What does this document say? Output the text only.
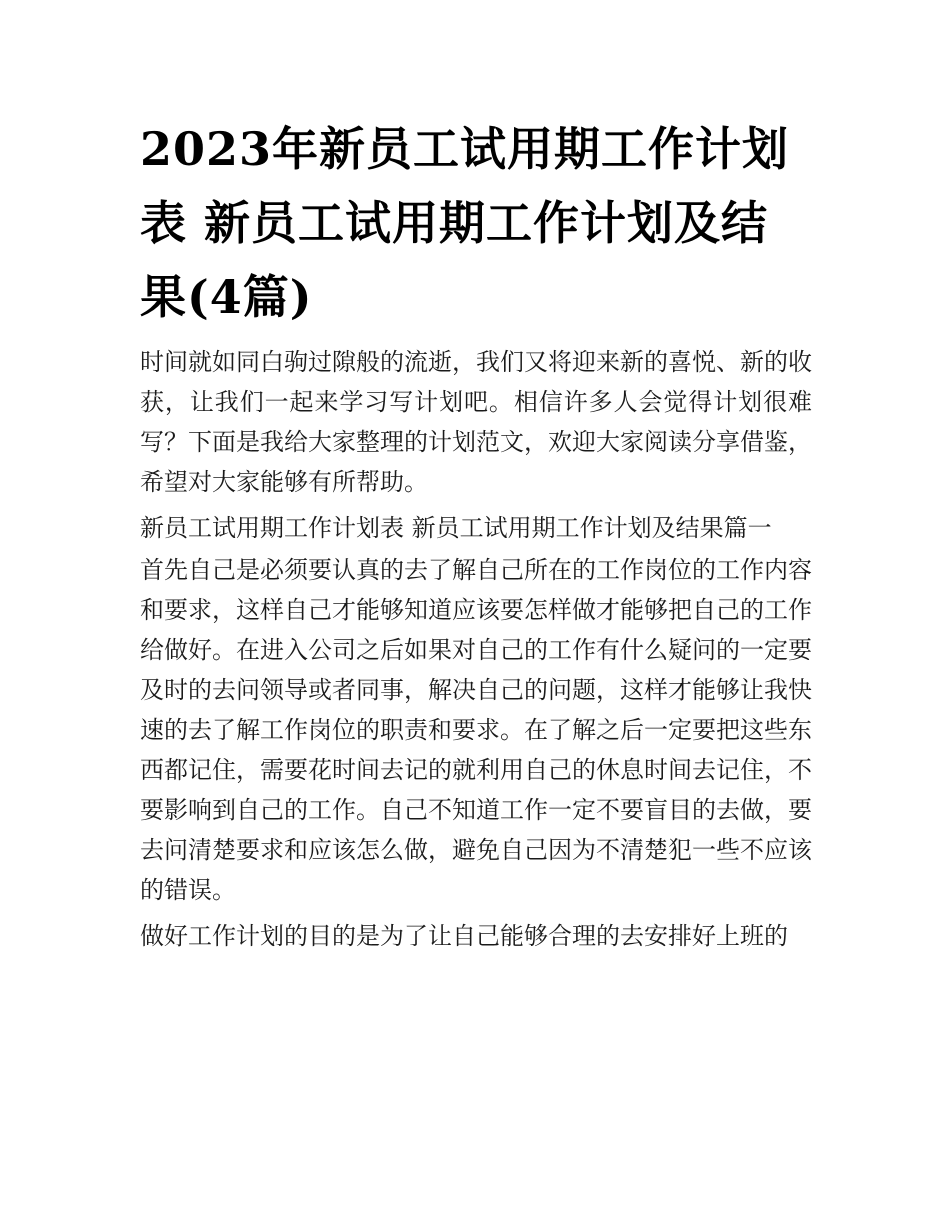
2023年新员工试用期工作计划表 新员工试用期工作计划及结果(4篇)

时间就如同白驹过隙般的流逝，我们又将迎来新的喜悦、新的收获，让我们一起来学习写计划吧。相信许多人会觉得计划很难写？下面是我给大家整理的计划范文，欢迎大家阅读分享借鉴，希望对大家能够有所帮助。

新员工试用期工作计划表 新员工试用期工作计划及结果篇一

首先自己是必须要认真的去了解自己所在的工作岗位的工作内容和要求，这样自己才能够知道应该要怎样做才能够把自己的工作给做好。在进入公司之后如果对自己的工作有什么疑问的一定要及时的去问领导或者同事，解决自己的问题，这样才能够让我快速的去了解工作岗位的职责和要求。在了解之后一定要把这些东西都记住，需要花时间去记的就利用自己的休息时间去记住，不要影响到自己的工作。自己不知道工作一定不要盲目的去做，要去问清楚要求和应该怎么做，避免自己因为不清楚犯一些不应该的错误。

做好工作计划的目的是为了让自己能够合理的去安排好上班的
